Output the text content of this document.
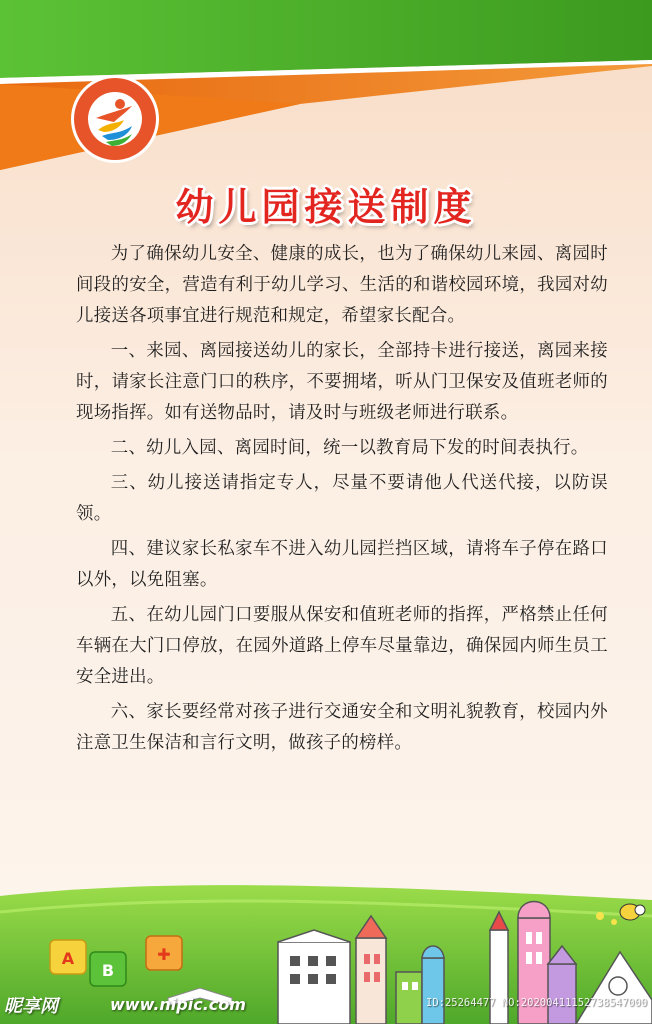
幼儿园接送制度

为了确保幼儿安全、健康的成长，也为了确保幼儿来园、离园时间段的安全，营造有利于幼儿学习、生活的和谐校园环境，我园对幼儿接送各项事宜进行规范和规定，希望家长配合。

一、来园、离园接送幼儿的家长，全部持卡进行接送，离园来接时，请家长注意门口的秩序，不要拥堵，听从门卫保安及值班老师的现场指挥。如有送物品时，请及时与班级老师进行联系。

二、幼儿入园、离园时间，统一以教育局下发的时间表执行。

三、幼儿接送请指定专人，尽量不要请他人代送代接，以防误领。

四、建议家长私家车不进入幼儿园拦挡区域，请将车子停在路口以外，以免阻塞。

五、在幼儿园门口要服从保安和值班老师的指挥，严格禁止任何车辆在大门口停放，在园外道路上停车尽量靠边，确保园内师生员工安全进出。

六、家长要经常对孩子进行交通安全和文明礼貌教育，校园内外注意卫生保洁和言行文明，做孩子的榜样。

A
B
✚
昵享网	www.nipic.com	ID:25264477 NO:20200411152738547000
